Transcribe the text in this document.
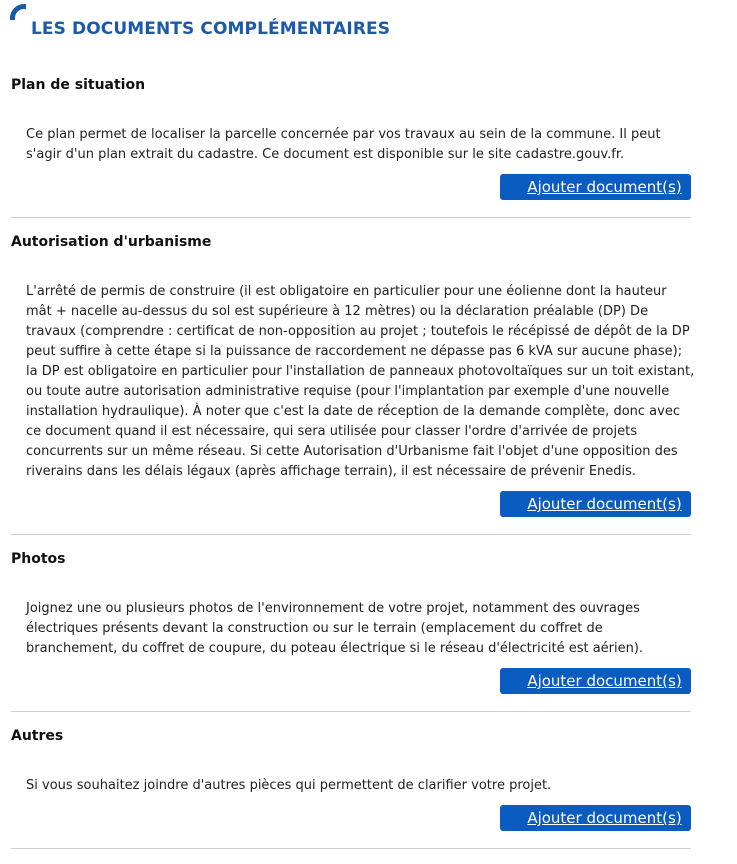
LES DOCUMENTS COMPLÉMENTAIRES
Plan de situation

Ce plan permet de localiser la parcelle concernée par vos travaux au sein de la commune. Il peut s'agir d'un plan extrait du cadastre. Ce document est disponible sur le site cadastre.gouv.fr.

Ajouter document(s)
Autorisation d'urbanisme

L'arrêté de permis de construire (il est obligatoire en particulier pour une éolienne dont la hauteur mât + nacelle au-dessus du sol est supérieure à 12 mètres) ou la déclaration préalable (DP) De travaux (comprendre : certificat de non-opposition au projet ; toutefois le récépissé de dépôt de la DP peut suffire à cette étape si la puissance de raccordement ne dépasse pas 6 kVA sur aucune phase); la DP est obligatoire en particulier pour l'installation de panneaux photovoltaïques sur un toit existant, ou toute autre autorisation administrative requise (pour l'implantation par exemple d'une nouvelle installation hydraulique). À noter que c'est la date de réception de la demande complète, donc avec ce document quand il est nécessaire, qui sera utilisée pour classer l'ordre d'arrivée de projets concurrents sur un même réseau. Si cette Autorisation d'Urbanisme fait l'objet d'une opposition des riverains dans les délais légaux (après affichage terrain), il est nécessaire de prévenir Enedis.

Ajouter document(s)
Photos

Joignez une ou plusieurs photos de l'environnement de votre projet, notamment des ouvrages électriques présents devant la construction ou sur le terrain (emplacement du coffret de branchement, du coffret de coupure, du poteau électrique si le réseau d'électricité est aérien).

Ajouter document(s)
Autres

Si vous souhaitez joindre d'autres pièces qui permettent de clarifier votre projet.

Ajouter document(s)
